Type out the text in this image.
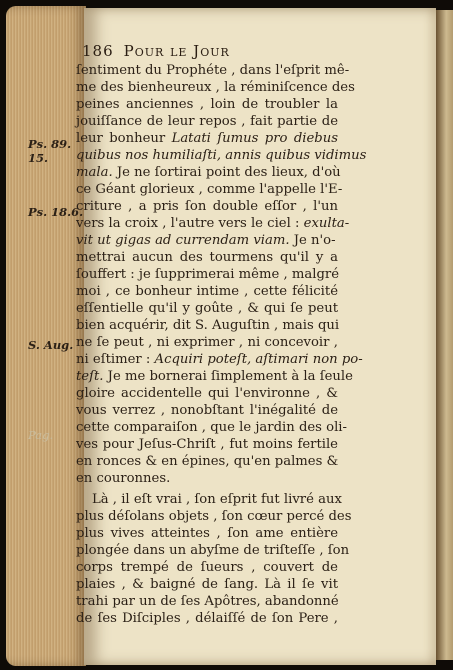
186 Pour le Jour
Ps. 89.
15.
Ps. 18.6.
S. Aug.
Pag.
ſentiment du Prophéte , dans l'eſprit mê-
me des bienheureux , la réminiſcence des
peines anciennes , loin de troubler la
jouiſſance de leur repos , fait partie de
leur bonheur Latati ſumus pro diebus
quibus nos humiliaſti, annis quibus vidimus
mala. Je ne ſortirai point des lieux, d'où
ce Géant glorieux , comme l'appelle l'E-
criture , a pris ſon double eſſor , l'un
vers la croix , l'autre vers le ciel : exulta-
vit ut gigas ad currendam viam. Je n'o-
mettrai aucun des tourmens qu'il y a
ſouffert : je ſupprimerai même , malgré
moi , ce bonheur intime , cette félicité
eſſentielle qu'il y goûte , & qui ſe peut
bien acquérir, dit S. Auguſtin , mais qui
ne ſe peut , ni exprimer , ni concevoir ,
ni eſtimer : Acquiri poteſt, aſtimari non po-
teſt. Je me bornerai ſimplement à la ſeule
gloire accidentelle qui l'environne , &
vous verrez , nonobſtant l'inégalité de
cette comparaiſon , que le jardin des oli-
ves pour Jeſus-Chriſt , fut moins fertile
en ronces & en épines, qu'en palmes &
en couronnes.
Là , il eſt vrai , ſon eſprit fut livré aux
plus déſolans objets , ſon cœur percé des
plus vives atteintes , ſon ame entière
plongée dans un abyſme de triſteſſe , ſon
corps trempé de ſueurs , couvert de
plaies , & baigné de ſang. Là il ſe vit
trahi par un de ſes Apôtres, abandonné
de ſes Diſciples , délaiſſé de ſon Pere ,
